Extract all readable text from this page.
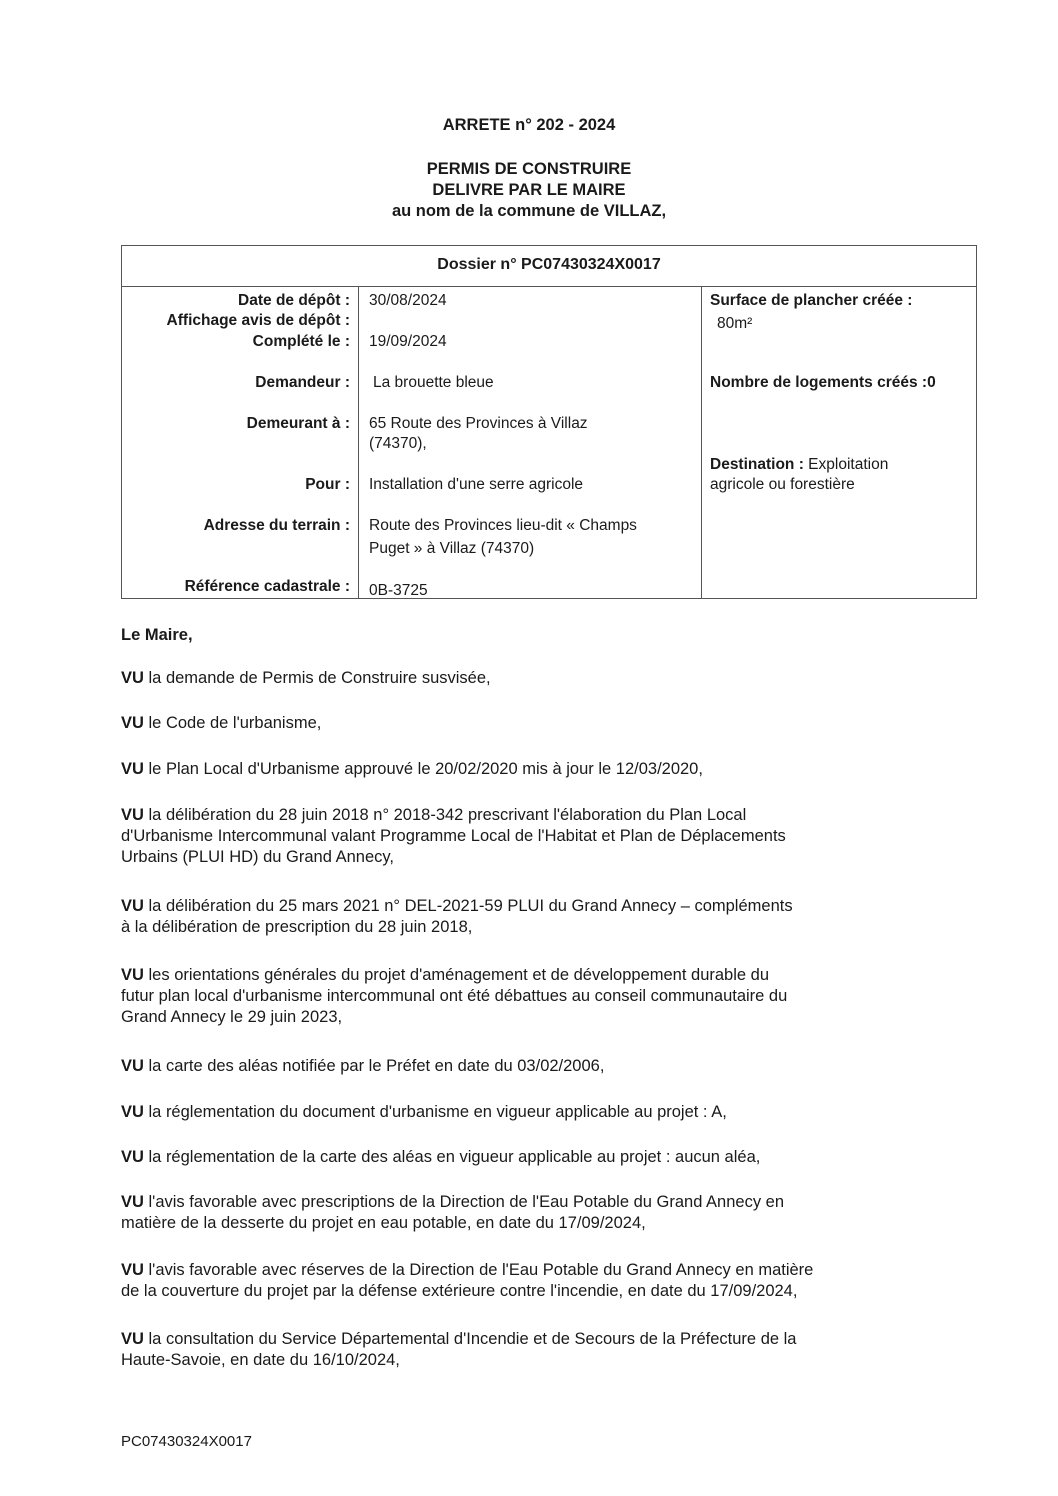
ARRETE n° 202 - 2024
PERMIS DE CONSTRUIRE
DELIVRE PAR LE MAIRE
au nom de la commune de VILLAZ,
Dossier n° PC07430324X0017
Date de dépôt :
Affichage avis de dépôt :
Complété le :
Demandeur :
Demeurant à :
Pour :
Adresse du terrain :
Référence cadastrale :
30/08/2024
19/09/2024
La brouette bleue
65 Route des Provinces à Villaz
(74370),
Installation d'une serre agricole
Route des Provinces lieu-dit « Champs
Puget » à Villaz (74370)
0B-3725
Surface de plancher créée :
80m²
Nombre de logements créés :0
Destination : Exploitation
agricole ou forestière
Le Maire,
VU la demande de Permis de Construire susvisée,
VU le Code de l'urbanisme,
VU le Plan Local d'Urbanisme approuvé le 20/02/2020 mis à jour le 12/03/2020,
VU la délibération du 28 juin 2018 n° 2018-342 prescrivant l'élaboration du Plan Local
d'Urbanisme Intercommunal valant Programme Local de l'Habitat et Plan de Déplacements
Urbains (PLUI HD) du Grand Annecy,
VU la délibération du 25 mars 2021 n° DEL-2021-59 PLUI du Grand Annecy – compléments
à la délibération de prescription du 28 juin 2018,
VU les orientations générales du projet d'aménagement et de développement durable du
futur plan local d'urbanisme intercommunal ont été débattues au conseil communautaire du
Grand Annecy le 29 juin 2023,
VU la carte des aléas notifiée par le Préfet en date du 03/02/2006,
VU la réglementation du document d'urbanisme en vigueur applicable au projet : A,
VU la réglementation de la carte des aléas en vigueur applicable au projet : aucun aléa,
VU l'avis favorable avec prescriptions de la Direction de l'Eau Potable du Grand Annecy en
matière de la desserte du projet en eau potable, en date du 17/09/2024,
VU l'avis favorable avec réserves de la Direction de l'Eau Potable du Grand Annecy en matière
de la couverture du projet par la défense extérieure contre l'incendie, en date du 17/09/2024,
VU la consultation du Service Départemental d'Incendie et de Secours de la Préfecture de la
Haute-Savoie, en date du 16/10/2024,
PC07430324X0017
